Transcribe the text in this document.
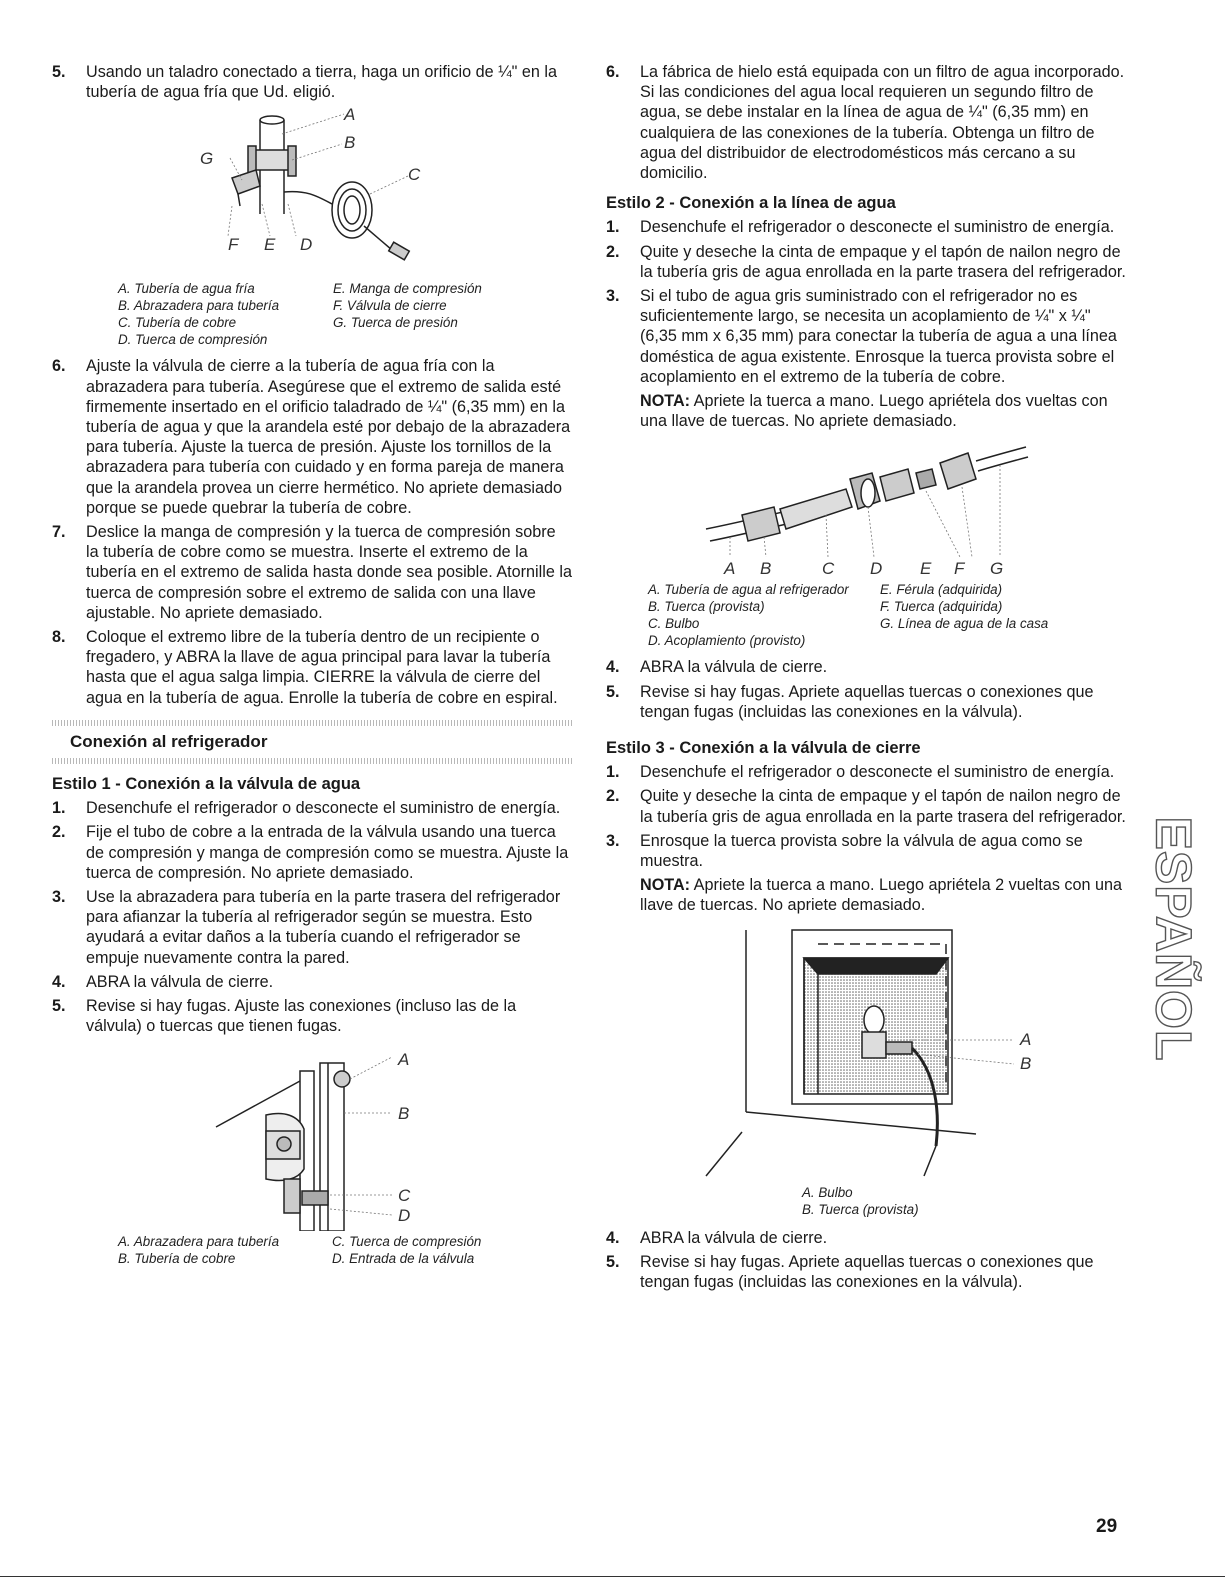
5. Usando un taladro conectado a tierra, haga un orificio de ¼" en la tubería de agua fría que Ud. eligió.
A
B
C
D
E
F
G
A. Tubería de agua fría	E. Manga de compresión
B. Abrazadera para tubería	F. Válvula de cierre
C. Tubería de cobre	G. Tuerca de presión
D. Tuerca de compresión
6. Ajuste la válvula de cierre a la tubería de agua fría con la abrazadera para tubería. Asegúrese que el extremo de salida esté firmemente insertado en el orificio taladrado de ¼" (6,35 mm) en la tubería de agua y que la arandela esté por debajo de la abrazadera para tubería. Ajuste la tuerca de presión. Ajuste los tornillos de la abrazadera para tubería con cuidado y en forma pareja de manera que la arandela provea un cierre hermético. No apriete demasiado porque se puede quebrar la tubería de cobre.
7. Deslice la manga de compresión y la tuerca de compresión sobre la tubería de cobre como se muestra. Inserte el extremo de la tubería en el extremo de salida hasta donde sea posible. Atornille la tuerca de compresión sobre el extremo de salida con una llave ajustable. No apriete demasiado.
8. Coloque el extremo libre de la tubería dentro de un recipiente o fregadero, y ABRA la llave de agua principal para lavar la tubería hasta que el agua salga limpia. CIERRE la válvula de cierre del agua en la tubería de agua. Enrolle la tubería de cobre en espiral.
Conexión al refrigerador
Estilo 1 - Conexión a la válvula de agua
1. Desenchufe el refrigerador o desconecte el suministro de energía.
2. Fije el tubo de cobre a la entrada de la válvula usando una tuerca de compresión y manga de compresión como se muestra. Ajuste la tuerca de compresión. No apriete demasiado.
3. Use la abrazadera para tubería en la parte trasera del refrigerador para afianzar la tubería al refrigerador según se muestra. Esto ayudará a evitar daños a la tubería cuando el refrigerador se empuje nuevamente contra la pared.
4. ABRA la válvula de cierre.
5. Revise si hay fugas. Ajuste las conexiones (incluso las de la válvula) o tuercas que tienen fugas.
A
B
C
D
A. Abrazadera para tubería	C. Tuerca de compresión
B. Tubería de cobre	D. Entrada de la válvula
6. La fábrica de hielo está equipada con un filtro de agua incorporado. Si las condiciones del agua local requieren un segundo filtro de agua, se debe instalar en la línea de agua de ¼" (6,35 mm) en cualquiera de las conexiones de la tubería. Obtenga un filtro de agua del distribuidor de electrodomésticos más cercano a su domicilio.
Estilo 2 - Conexión a la línea de agua
1. Desenchufe el refrigerador o desconecte el suministro de energía.
2. Quite y deseche la cinta de empaque y el tapón de nailon negro de la tubería gris de agua enrollada en la parte trasera del refrigerador.
3. Si el tubo de agua gris suministrado con el refrigerador no es suficientemente largo, se necesita un acoplamiento de ¼" x ¼" (6,35 mm x 6,35 mm) para conectar la tubería de agua a una línea doméstica de agua existente. Enrosque la tuerca provista sobre el acoplamiento en el extremo de la tubería de cobre.
NOTA: Apriete la tuerca a mano. Luego apriétela dos vueltas con una llave de tuercas. No apriete demasiado.
A B	C D E F G
A. Tubería de agua al refrigerador	E. Férula (adquirida)
B. Tuerca (provista)	F. Tuerca (adquirida)
C. Bulbo	G. Línea de agua de la casa
D. Acoplamiento (provisto)
4. ABRA la válvula de cierre.
5. Revise si hay fugas. Apriete aquellas tuercas o conexiones que tengan fugas (incluidas las conexiones en la válvula).
Estilo 3 - Conexión a la válvula de cierre
1. Desenchufe el refrigerador o desconecte el suministro de energía.
2. Quite y deseche la cinta de empaque y el tapón de nailon negro de la tubería gris de agua enrollada en la parte trasera del refrigerador.
3. Enrosque la tuerca provista sobre la válvula de agua como se muestra.
NOTA: Apriete la tuerca a mano. Luego apriétela 2 vueltas con una llave de tuercas. No apriete demasiado.
A
B
A. Bulbo
B. Tuerca (provista)
4. ABRA la válvula de cierre.
5. Revise si hay fugas. Apriete aquellas tuercas o conexiones que tengan fugas (incluidas las conexiones en la válvula).
ESPAÑOL
29
